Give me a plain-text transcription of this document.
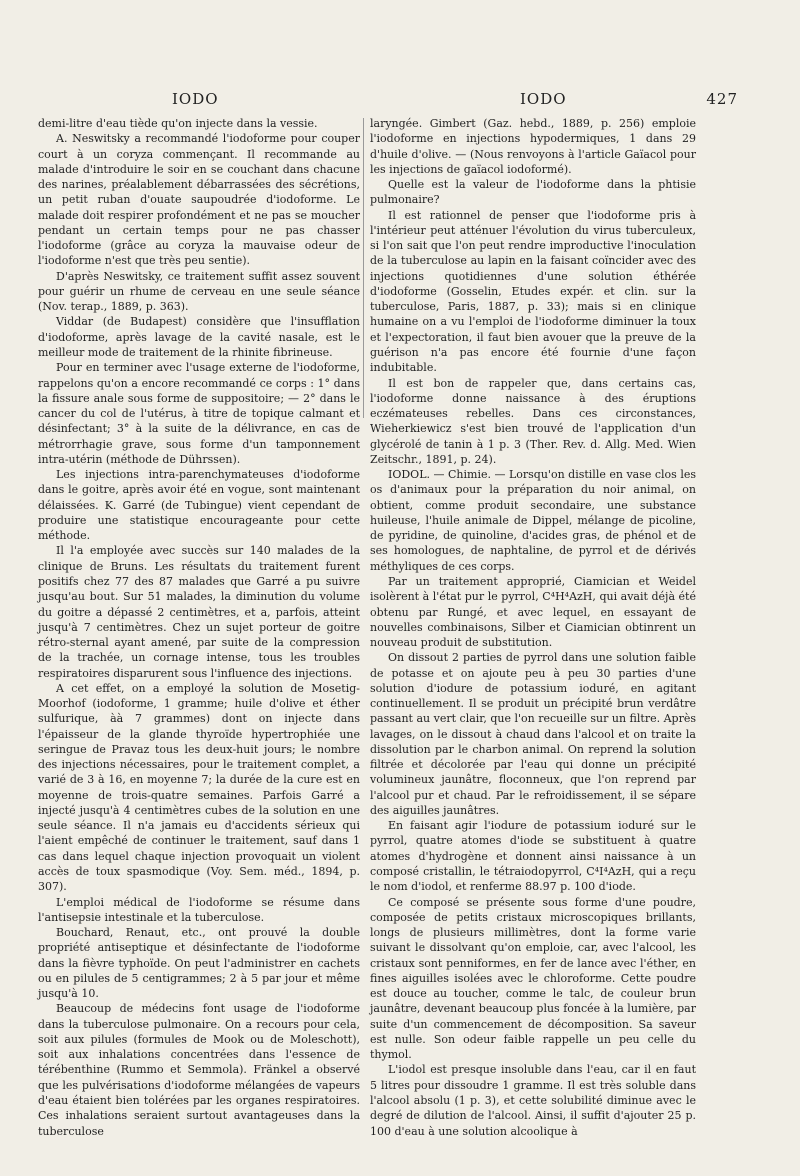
IODO	IODO	427

demi-litre d'eau tiède qu'on injecte dans la vessie.

A. Neswitsky a recommandé l'iodoforme pour couper court à un coryza commençant. Il recommande au malade d'introduire le soir en se couchant dans chacune des narines, préalablement débarrassées des sécrétions, un petit ruban d'ouate saupoudrée d'iodoforme. Le malade doit respirer profondément et ne pas se moucher pendant un certain temps pour ne pas chasser l'iodoforme (grâce au coryza la mauvaise odeur de l'iodoforme n'est que très peu sentie).

D'après Neswitsky, ce traitement suffit assez souvent pour guérir un rhume de cerveau en une seule séance (Nov. terap., 1889, p. 363).

Viddar (de Budapest) considère que l'insufflation d'iodoforme, après lavage de la cavité nasale, est le meilleur mode de traitement de la rhinite fibrineuse.

Pour en terminer avec l'usage externe de l'iodoforme, rappelons qu'on a encore recommandé ce corps : 1° dans la fissure anale sous forme de suppositoire; — 2° dans le cancer du col de l'utérus, à titre de topique calmant et désinfectant; 3° à la suite de la délivrance, en cas de métrorrhagie grave, sous forme d'un tamponnement intra-utérin (méthode de Dührssen).

Les injections intra-parenchymateuses d'iodoforme dans le goitre, après avoir été en vogue, sont maintenant délaissées. K. Garré (de Tubingue) vient cependant de produire une statistique encourageante pour cette méthode.

Il l'a employée avec succès sur 140 malades de la clinique de Bruns. Les résultats du traitement furent positifs chez 77 des 87 malades que Garré a pu suivre jusqu'au bout. Sur 51 malades, la diminution du volume du goitre a dépassé 2 centimètres, et a, parfois, atteint jusqu'à 7 centimètres. Chez un sujet porteur de goitre rétro-sternal ayant amené, par suite de la compression de la trachée, un cornage intense, tous les troubles respiratoires disparurent sous l'influence des injections.

A cet effet, on a employé la solution de Mosetig-Moorhof (iodoforme, 1 gramme; huile d'olive et éther sulfurique, àà 7 grammes) dont on injecte dans l'épaisseur de la glande thyroïde hypertrophiée une seringue de Pravaz tous les deux-huit jours; le nombre des injections nécessaires, pour le traitement complet, a varié de 3 à 16, en moyenne 7; la durée de la cure est en moyenne de trois-quatre semaines. Parfois Garré a injecté jusqu'à 4 centimètres cubes de la solution en une seule séance. Il n'a jamais eu d'accidents sérieux qui l'aient empêché de continuer le traitement, sauf dans 1 cas dans lequel chaque injection provoquait un violent accès de toux spasmodique (Voy. Sem. méd., 1894, p. 307).

L'emploi médical de l'iodoforme se résume dans l'antisepsie intestinale et la tuberculose.

Bouchard, Renaut, etc., ont prouvé la double propriété antiseptique et désinfectante de l'iodoforme dans la fièvre typhoïde. On peut l'administrer en cachets ou en pilules de 5 centigrammes; 2 à 5 par jour et même jusqu'à 10.

Beaucoup de médecins font usage de l'iodoforme dans la tuberculose pulmonaire. On a recours pour cela, soit aux pilules (formules de Mook ou de Moleschott), soit aux inhalations concentrées dans l'essence de térébenthine (Rummo et Semmola). Fränkel a observé que les pulvérisations d'iodoforme mélangées de vapeurs d'eau étaient bien tolérées par les organes respiratoires. Ces inhalations seraient surtout avantageuses dans la tuberculose

laryngée. Gimbert (Gaz. hebd., 1889, p. 256) emploie l'iodoforme en injections hypodermiques, 1 dans 29 d'huile d'olive. — (Nous renvoyons à l'article Gaïacol pour les injections de gaïacol iodoformé).

Quelle est la valeur de l'iodoforme dans la phtisie pulmonaire?

Il est rationnel de penser que l'iodoforme pris à l'intérieur peut atténuer l'évolution du virus tuberculeux, si l'on sait que l'on peut rendre improductive l'inoculation de la tuberculose au lapin en la faisant coïncider avec des injections quotidiennes d'une solution éthérée d'iodoforme (Gosselin, Etudes expér. et clin. sur la tuberculose, Paris, 1887, p. 33); mais si en clinique humaine on a vu l'emploi de l'iodoforme diminuer la toux et l'expectoration, il faut bien avouer que la preuve de la guérison n'a pas encore été fournie d'une façon indubitable.

Il est bon de rappeler que, dans certains cas, l'iodoforme donne naissance à des éruptions eczémateuses rebelles. Dans ces circonstances, Wieherkiewicz s'est bien trouvé de l'application d'un glycérolé de tanin à 1 p. 3 (Ther. Rev. d. Allg. Med. Wien Zeitschr., 1891, p. 24).

IODOL. — Chimie. — Lorsqu'on distille en vase clos les os d'animaux pour la préparation du noir animal, on obtient, comme produit secondaire, une substance huileuse, l'huile animale de Dippel, mélange de picoline, de pyridine, de quinoline, d'acides gras, de phénol et de ses homologues, de naphtaline, de pyrrol et de dérivés méthyliques de ces corps.

Par un traitement approprié, Ciamician et Weidel isolèrent à l'état pur le pyrrol, C⁴H⁴AzH, qui avait déjà été obtenu par Rungé, et avec lequel, en essayant de nouvelles combinaisons, Silber et Ciamician obtinrent un nouveau produit de substitution.

On dissout 2 parties de pyrrol dans une solution faible de potasse et on ajoute peu à peu 30 parties d'une solution d'iodure de potassium ioduré, en agitant continuellement. Il se produit un précipité brun verdâtre passant au vert clair, que l'on recueille sur un filtre. Après lavages, on le dissout à chaud dans l'alcool et on traite la dissolution par le charbon animal. On reprend la solution filtrée et décolorée par l'eau qui donne un précipité volumineux jaunâtre, floconneux, que l'on reprend par l'alcool pur et chaud. Par le refroidissement, il se sépare des aiguilles jaunâtres.

En faisant agir l'iodure de potassium ioduré sur le pyrrol, quatre atomes d'iode se substituent à quatre atomes d'hydrogène et donnent ainsi naissance à un composé cristallin, le tétraiodopyrrol, C⁴I⁴AzH, qui a reçu le nom d'iodol, et renferme 88.97 p. 100 d'iode.

Ce composé se présente sous forme d'une poudre, composée de petits cristaux microscopiques brillants, longs de plusieurs millimètres, dont la forme varie suivant le dissolvant qu'on emploie, car, avec l'alcool, les cristaux sont penniformes, en fer de lance avec l'éther, en fines aiguilles isolées avec le chloroforme. Cette poudre est douce au toucher, comme le talc, de couleur brun jaunâtre, devenant beaucoup plus foncée à la lumière, par suite d'un commencement de décomposition. Sa saveur est nulle. Son odeur faible rappelle un peu celle du thymol.

L'iodol est presque insoluble dans l'eau, car il en faut 5 litres pour dissoudre 1 gramme. Il est très soluble dans l'alcool absolu (1 p. 3), et cette solubilité diminue avec le degré de dilution de l'alcool. Ainsi, il suffit d'ajouter 25 p. 100 d'eau à une solution alcoolique à
